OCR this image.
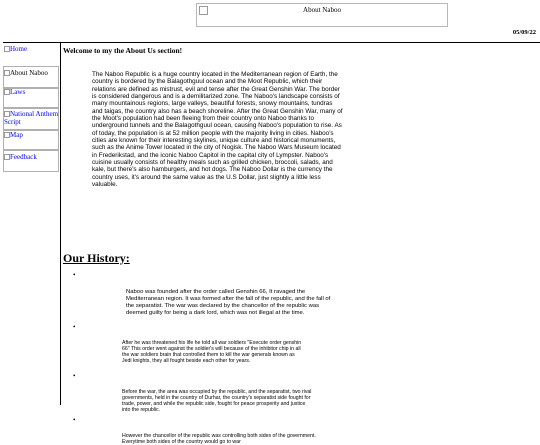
About Naboo
05/09/22
Home
About Naboo
Laws
National Anthem Script
Map
Feedback
Welcome to my the About Us section!
The Naboo Republic is a huge country located in the Mediterranean region of Earth, the country is bordered by the Balagothguul ocean and the Moot Republic, which their relations are defined as mistrust, evil and tense after the Great Genshin War. The border is considered dangerous and is a demilitarized zone. The Naboo's landscape consists of many mountainous regions, large valleys, beautiful forests, snowy mountains, tundras and taigas, the country also has a beach shoreline. After the Great Genshin War, many of the Moot's population had been fleeing from their country onto Naboo thanks to underground tunnels and the Balagothguul ocean, causing Naboo's population to rise. As of today, the population is at 52 million people with the majority living in cities. Naboo's cities are known for their interesting skylines, unique culture and historical monuments, such as the Anime Tower located in the city of Nogisk. The Naboo Wars Museum located in Frederikstad, and the iconic Naboo Capitol in the capital city of Lympster. Naboo's cuisine usually consists of healthy meals such as grilled chicken, broccoli, salads, and kale, but there's also hamburgers, and hot dogs. The Naboo Dollar is the currency the country uses, it's around the same value as the U.S Dollar, just slightly a little less valuable.
Our History:
•
Naboo was founded after the order called Genshin 66, It ravaged the Mediterranean region. It was formed after the fall of the republic, and the fall of the separatist. The war was declared by the chancellor of the republic was deemed guilty for being a dark lord, which was not illegal at the time.
•
After he was threatened his life he told all war soldiers "Execute order genshin 66" This order went against the soldier's will because of the inhibitor chip in all the war soldiers brain that controlled them to kill the war generals known as Jedi knights, they all fought beside each other for years.
•
Before the war, the area was occupied by the republic, and the separatist, two rival governments, held in the country of Durhar, the country's separatist side fought for trade, power, and while the republic side, fought for peace prosperity and justice into the republic.
•
However the chancellor of the republic was controlling both sides of the government. Everytime both sides of the country would go to war
